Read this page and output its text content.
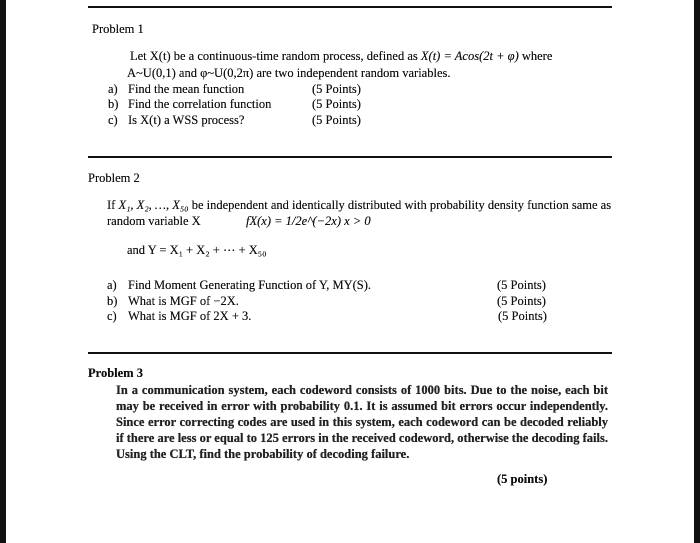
Problem 1
Let X(t) be a continuous-time random process, defined as X(t) = Acos(2t + φ) where
A~U(0,1) and φ~U(0,2π) are two independent random variables.
a) Find the mean function	(5 Points)
b) Find the correlation function	(5 Points)
c) Is X(t) a WSS process?	(5 Points)
Problem 2
If X₁, X₂, …, X₅₀ be independent and identically distributed with probability density function same as
random variable X	fX(x) = 1/2e^(−2x) x > 0
and Y = X₁ + X₂ + ⋯ + X₅₀
a) Find Moment Generating Function of Y, MY(S).	(5 Points)
b) What is MGF of −2X.	(5 Points)
c) What is MGF of 2X + 3.	(5 Points)
Problem 3
In a communication system, each codeword consists of 1000 bits. Due to the noise, each bit may be received in error with probability 0.1. It is assumed bit errors occur independently. Since error correcting codes are used in this system, each codeword can be decoded reliably if there are less or equal to 125 errors in the received codeword, otherwise the decoding fails. Using the CLT, find the probability of decoding failure.
(5 points)
